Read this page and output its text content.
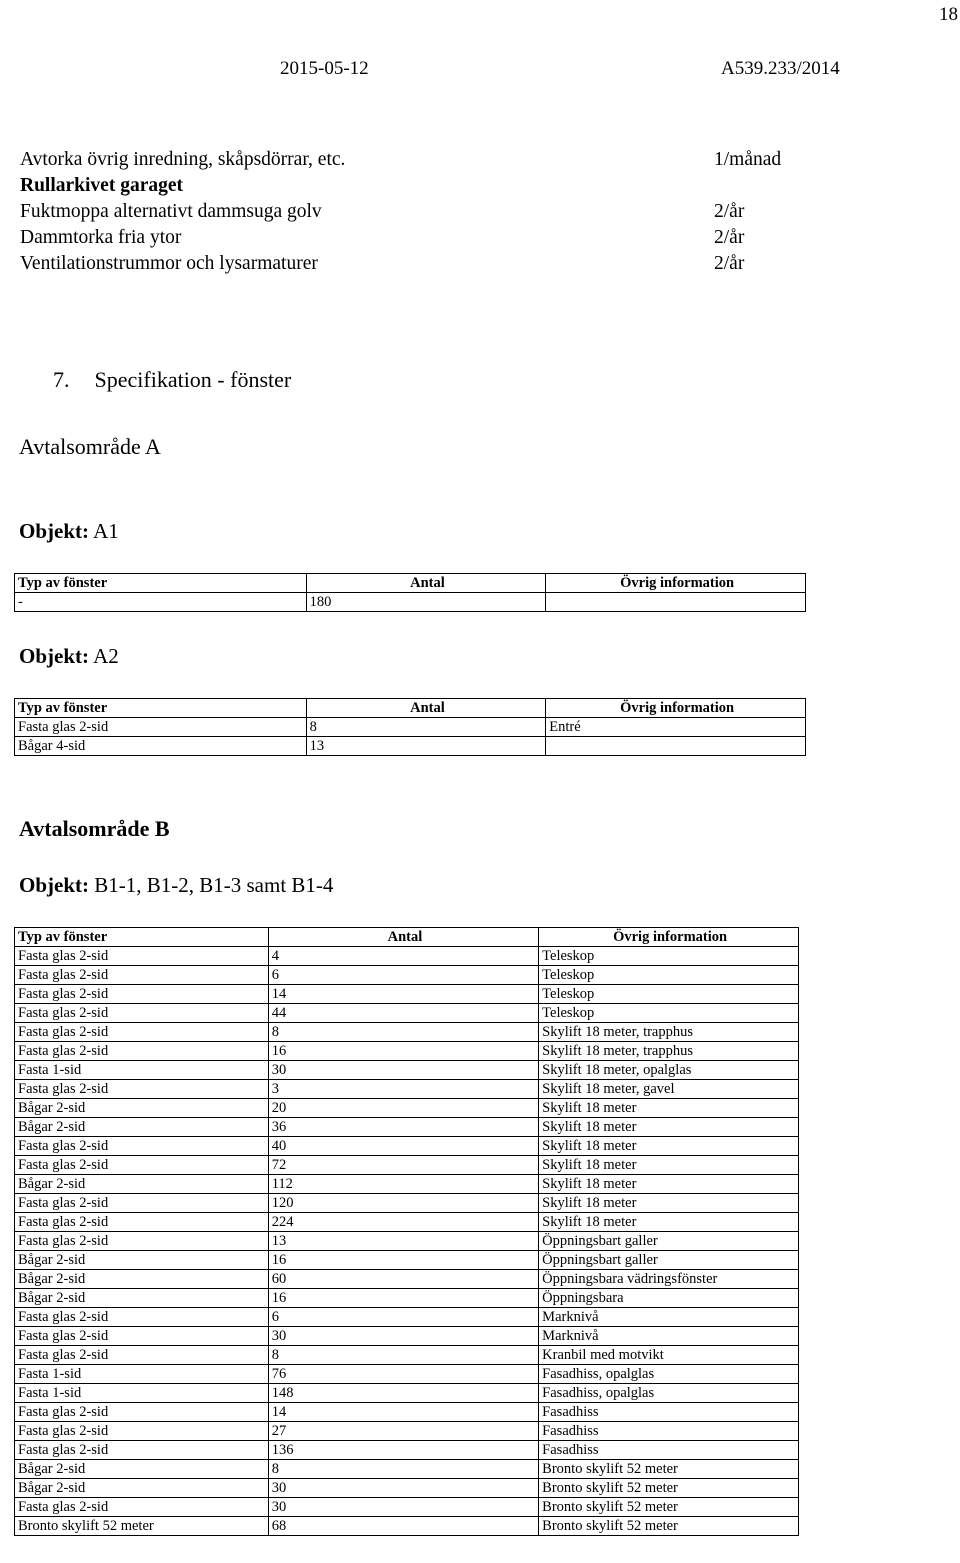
18
2015-05-12	A539.233/2014
Avtorka övrig inredning, skåpsdörrar, etc.	1/månad
Rullarkivet garaget
Fuktmoppa alternativt dammsuga golv	2/år
Dammtorka fria ytor	2/år
Ventilationstrummor och lysarmaturer	2/år
7. Specifikation - fönster
Avtalsområde A
Objekt: A1
Typ av fönster	Antal	Övrig information
-	180	
Objekt: A2
Typ av fönster	Antal	Övrig information
Fasta glas 2-sid	8	Entré
Bågar 4-sid	13	
Avtalsområde B
Objekt: B1-1, B1-2, B1-3 samt B1-4
Typ av fönster	Antal	Övrig information
Fasta glas 2-sid	4	Teleskop
Fasta glas 2-sid	6	Teleskop
Fasta glas 2-sid	14	Teleskop
Fasta glas 2-sid	44	Teleskop
Fasta glas 2-sid	8	Skylift 18 meter, trapphus
Fasta glas 2-sid	16	Skylift 18 meter, trapphus
Fasta 1-sid	30	Skylift 18 meter, opalglas
Fasta glas 2-sid	3	Skylift 18 meter, gavel
Bågar 2-sid	20	Skylift 18 meter
Bågar 2-sid	36	Skylift 18 meter
Fasta glas 2-sid	40	Skylift 18 meter
Fasta glas 2-sid	72	Skylift 18 meter
Bågar 2-sid	112	Skylift 18 meter
Fasta glas 2-sid	120	Skylift 18 meter
Fasta glas 2-sid	224	Skylift 18 meter
Fasta glas 2-sid	13	Öppningsbart galler
Bågar 2-sid	16	Öppningsbart galler
Bågar 2-sid	60	Öppningsbara vädringsfönster
Bågar 2-sid	16	Öppningsbara
Fasta glas 2-sid	6	Marknivå
Fasta glas 2-sid	30	Marknivå
Fasta glas 2-sid	8	Kranbil med motvikt
Fasta 1-sid	76	Fasadhiss, opalglas
Fasta 1-sid	148	Fasadhiss, opalglas
Fasta glas 2-sid	14	Fasadhiss
Fasta glas 2-sid	27	Fasadhiss
Fasta glas 2-sid	136	Fasadhiss
Bågar 2-sid	8	Bronto skylift 52 meter
Bågar 2-sid	30	Bronto skylift 52 meter
Fasta glas 2-sid	30	Bronto skylift 52 meter
Bronto skylift 52 meter	68	Bronto skylift 52 meter
